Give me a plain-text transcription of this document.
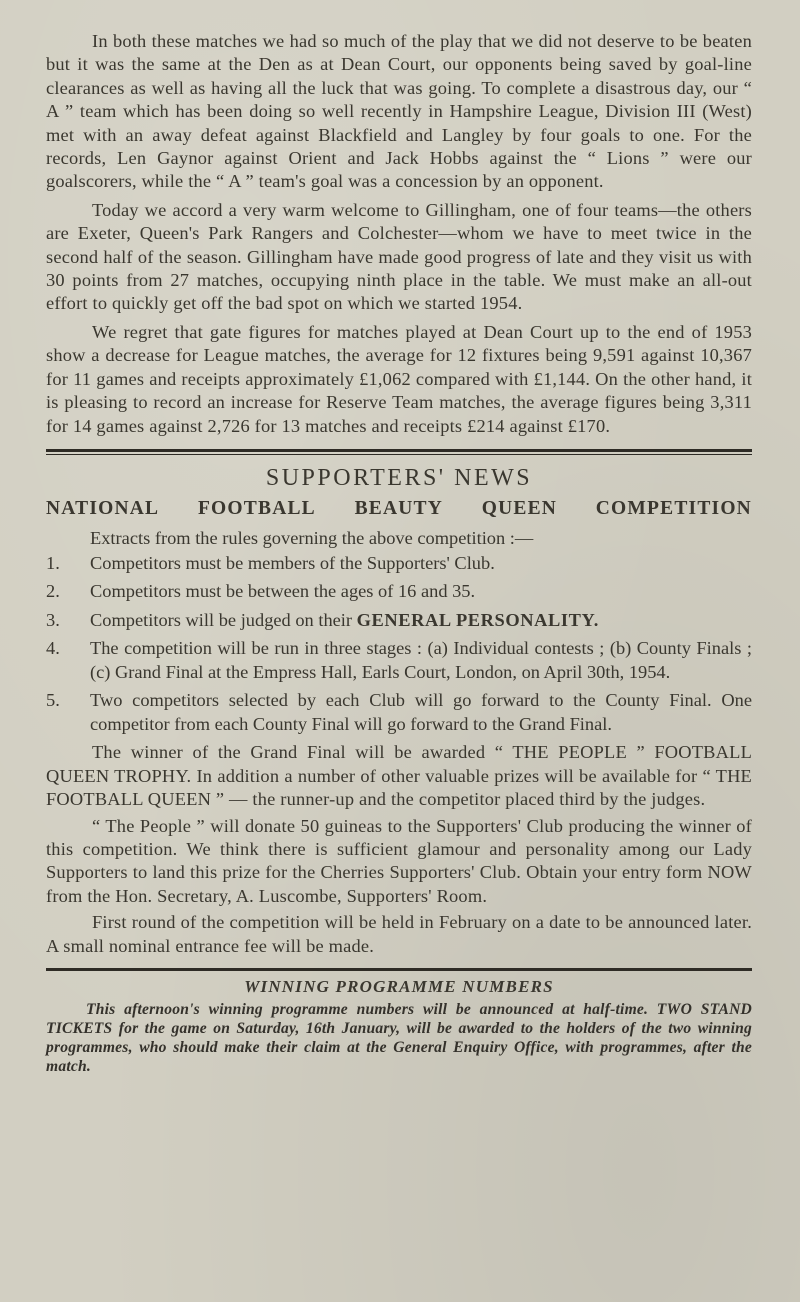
In both these matches we had so much of the play that we did not deserve to be beaten but it was the same at the Den as at Dean Court, our opponents being saved by goal-line clearances as well as having all the luck that was going. To complete a disastrous day, our “ A ” team which has been doing so well recently in Hampshire League, Division III (West) met with an away defeat against Blackfield and Langley by four goals to one. For the records, Len Gaynor against Orient and Jack Hobbs against the “ Lions ” were our goalscorers, while the “ A ” team's goal was a concession by an opponent.

Today we accord a very warm welcome to Gillingham, one of four teams—the others are Exeter, Queen's Park Rangers and Colchester—whom we have to meet twice in the second half of the season. Gillingham have made good progress of late and they visit us with 30 points from 27 matches, occupying ninth place in the table. We must make an all-out effort to quickly get off the bad spot on which we started 1954.

We regret that gate figures for matches played at Dean Court up to the end of 1953 show a decrease for League matches, the average for 12 fixtures being 9,591 against 10,367 for 11 games and receipts approximately £1,062 compared with £1,144. On the other hand, it is pleasing to record an increase for Reserve Team matches, the average figures being 3,311 for 14 games against 2,726 for 13 matches and receipts £214 against £170.

SUPPORTERS' NEWS
NATIONAL FOOTBALL BEAUTY QUEEN COMPETITION
Extracts from the rules governing the above competition :—
1.	Competitors must be members of the Supporters' Club.
2.	Competitors must be between the ages of 16 and 35.
3.	Competitors will be judged on their GENERAL PERSONALITY.
4.	The competition will be run in three stages : (a) Individual contests ; (b) County Finals ; (c) Grand Final at the Empress Hall, Earls Court, London, on April 30th, 1954.
5.	Two competitors selected by each Club will go forward to the County Final. One competitor from each County Final will go forward to the Grand Final.

The winner of the Grand Final will be awarded “ THE PEOPLE ” FOOTBALL QUEEN TROPHY. In addition a number of other valuable prizes will be available for “ THE FOOTBALL QUEEN ” — the runner-up and the competitor placed third by the judges.

“ The People ” will donate 50 guineas to the Supporters' Club producing the winner of this competition. We think there is sufficient glamour and personality among our Lady Supporters to land this prize for the Cherries Supporters' Club. Obtain your entry form NOW from the Hon. Secretary, A. Luscombe, Supporters' Room.

First round of the competition will be held in February on a date to be announced later. A small nominal entrance fee will be made.

WINNING PROGRAMME NUMBERS

This afternoon's winning programme numbers will be announced at half-time. TWO STAND TICKETS for the game on Saturday, 16th January, will be awarded to the holders of the two winning programmes, who should make their claim at the General Enquiry Office, with programmes, after the match.
